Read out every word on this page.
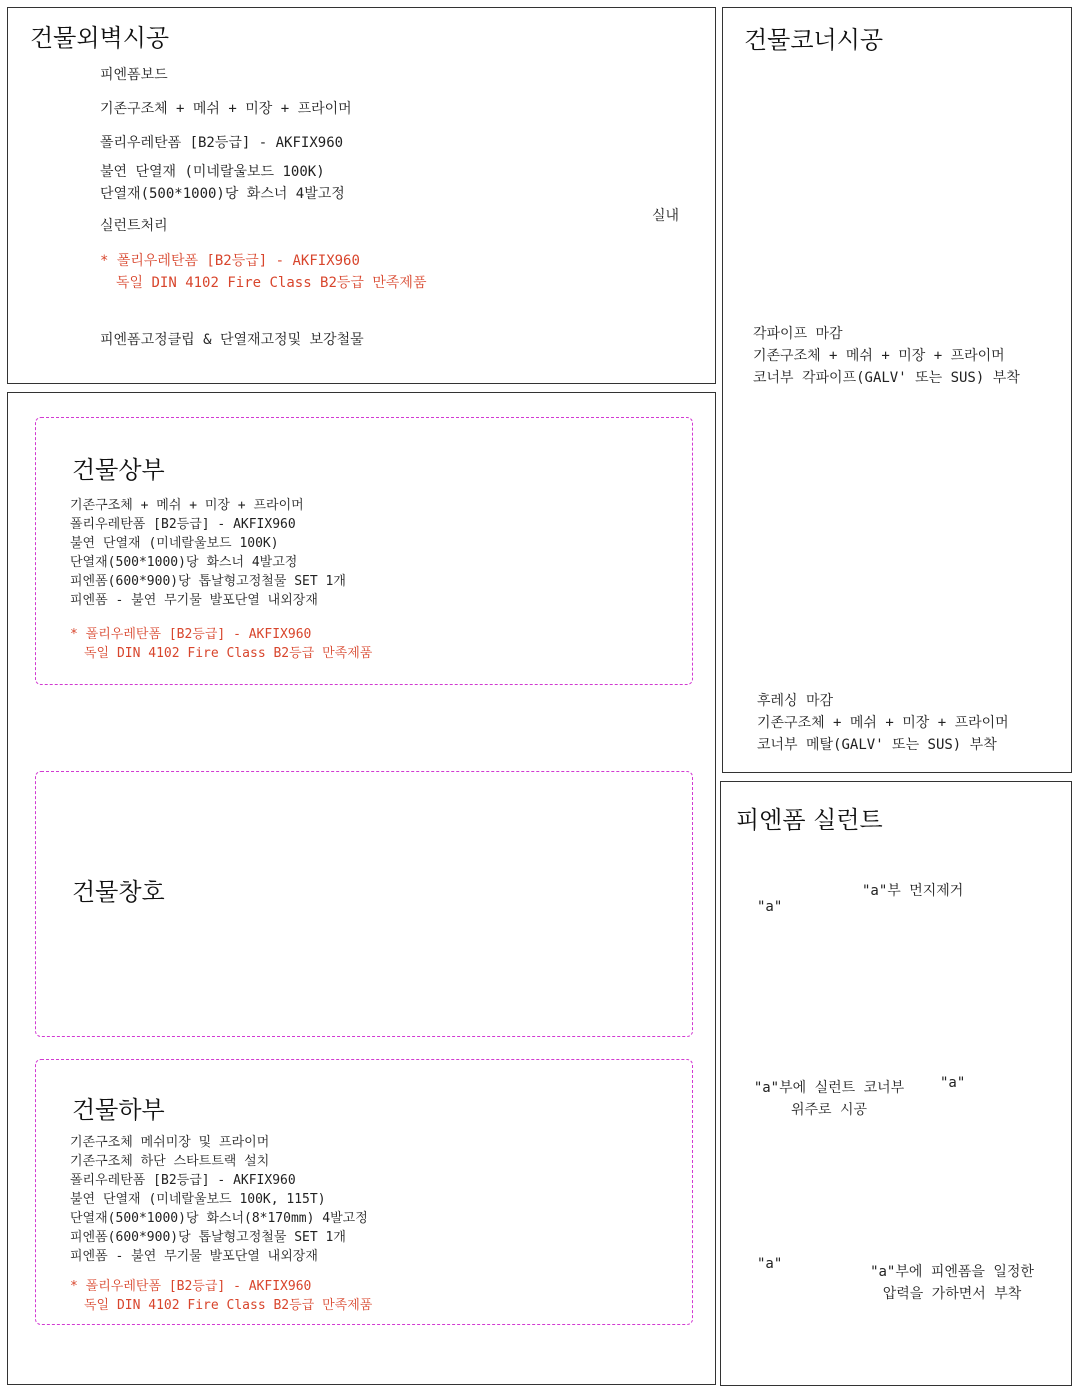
건물외벽시공
피엔폼보드
기존구조체 + 메쉬 + 미장 + 프라이머
폴리우레탄폼 [B2등급] - AKFIX960
불연 단열재 (미네랄울보드 100K)
단열재(500*1000)당 화스너 4발고정
실런트처리
* 폴리우레탄폼 [B2등급] - AKFIX960
독일 DIN 4102 Fire Class B2등급 만족제품
피엔폼고정클립 & 단열재고정및 보강철물
실내
건물코너시공
각파이프 마감
기존구조체 + 메쉬 + 미장 + 프라이머
코너부 각파이프(GALV' 또는 SUS) 부착
후레싱 마감
기존구조체 + 메쉬 + 미장 + 프라이머
코너부 메탈(GALV' 또는 SUS) 부착
건물상부
기존구조체 + 메쉬 + 미장 + 프라이머
폴리우레탄폼 [B2등급] - AKFIX960
불연 단열재 (미네랄울보드 100K)
단열재(500*1000)당 화스너 4발고정
피엔폼(600*900)당 톱날형고정철물 SET 1개
피엔폼 - 불연 무기물 발포단열 내외장재
* 폴리우레탄폼 [B2등급] - AKFIX960
독일 DIN 4102 Fire Class B2등급 만족제품
건물창호
건물하부
기존구조체 메쉬미장 및 프라이머
기존구조체 하단 스타트트랙 설치
폴리우레탄폼 [B2등급] - AKFIX960
불연 단열재 (미네랄울보드 100K, 115T)
단열재(500*1000)당 화스너(8*170mm) 4발고정
피엔폼(600*900)당 톱날형고정철물 SET 1개
피엔폼 - 불연 무기물 발포단열 내외장재
* 폴리우레탄폼 [B2등급] - AKFIX960
독일 DIN 4102 Fire Class B2등급 만족제품
피엔폼 실런트
"a"
"a"부 먼지제거
"a"부에 실런트 코너부
위주로 시공
"a"
"a"	"a"부에 피엔폼을 일정한
압력을 가하면서 부착
